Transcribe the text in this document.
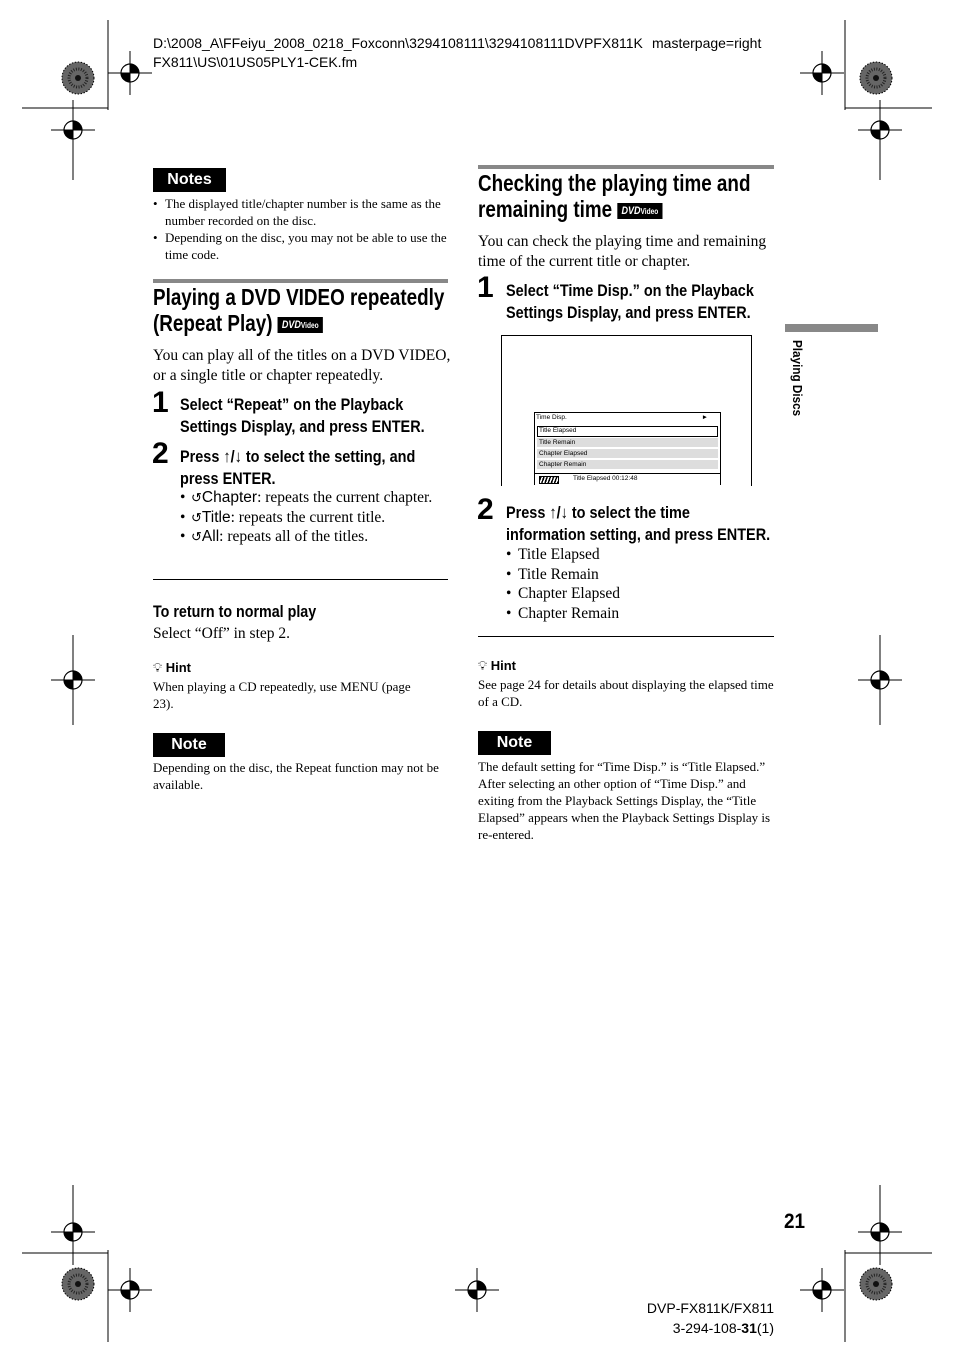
D:\2008_A\FFeiyu_2008_0218_Foxconn\3294108111\3294108111DVPFX811K
FX811\US\01US05PLY1-CEK.fm
masterpage=right
Notes
• The displayed title/chapter number is the same as the number recorded on the disc.
• Depending on the disc, you may not be able to use the time code.
Playing a DVD VIDEO repeatedly
(Repeat Play) DVDVideo
You can play all of the titles on a DVD VIDEO, or a single title or chapter repeatedly.
1 Select “Repeat” on the Playback
Settings Display, and press ENTER.
2 Press ↑/↓ to select the setting, and
press ENTER.
• ↺Chapter: repeats the current chapter.
• ↺Title: repeats the current title.
• ↺All: repeats all of the titles.
To return to normal play
Select “Off” in step 2.
💡︎ Hint
When playing a CD repeatedly, use MENU (page 23).
Note
Depending on the disc, the Repeat function may not be available.
Checking the playing time and
remaining time DVDVideo
You can check the playing time and remaining time of the current title or chapter.
1 Select “Time Disp.” on the Playback
Settings Display, and press ENTER.
Time Disp.	►
Title Elapsed
Title Remain
Chapter Elapsed
Chapter Remain
Title Elapsed 00:12:48
2 Press ↑/↓ to select the time
information setting, and press ENTER.
• Title Elapsed
• Title Remain
• Chapter Elapsed
• Chapter Remain
💡︎ Hint
See page 24 for details about displaying the elapsed time of a CD.
Note
The default setting for “Time Disp.” is “Title Elapsed.” After selecting an other option of “Time Disp.” and exiting from the Playback Settings Display, the “Title Elapsed” appears when the Playback Settings Display is re-entered.
Playing Discs
21
DVP-FX811K/FX811
3-294-108-31(1)
